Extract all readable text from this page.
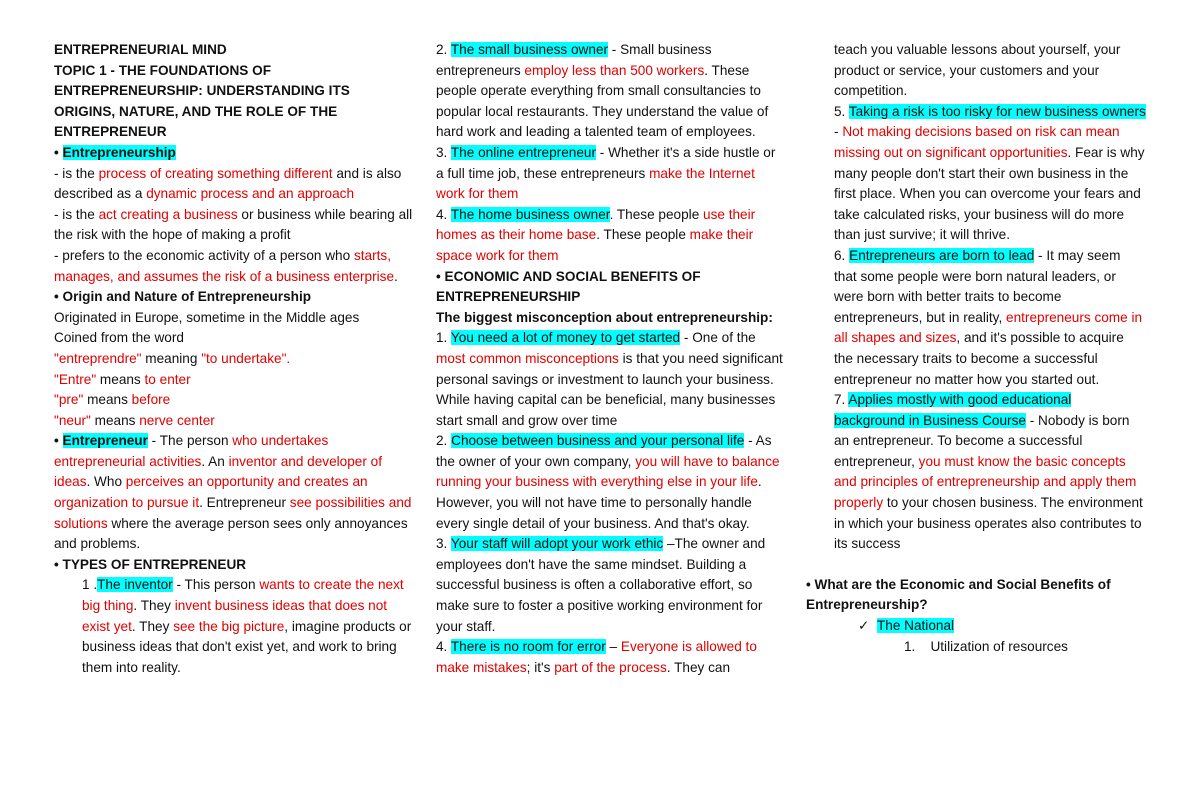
ENTREPRENEURIAL MIND

TOPIC 1 - THE FOUNDATIONS OF ENTREPRENEURSHIP: UNDERSTANDING ITS ORIGINS, NATURE, AND THE ROLE OF THE ENTREPRENEUR

• Entrepreneurship

- is the process of creating something different and is also described as a dynamic process and an approach

- is the act creating a business or business while bearing all the risk with the hope of making a profit

- prefers to the economic activity of a person who starts, manages, and assumes the risk of a business enterprise.

• Origin and Nature of Entrepreneurship

Originated in Europe, sometime in the Middle ages

Coined from the word

"entreprendre" meaning "to undertake".

"Entre" means to enter

"pre" means before

"neur" means nerve center

• Entrepreneur - The person who undertakes entrepreneurial activities. An inventor and developer of ideas. Who perceives an opportunity and creates an organization to pursue it. Entrepreneur see possibilities and solutions where the average person sees only annoyances and problems.

• TYPES OF ENTREPRENEUR

1 .The inventor - This person wants to create the next big thing. They invent business ideas that does not exist yet. They see the big picture, imagine products or business ideas that don't exist yet, and work to bring them into reality.

2. The small business owner - Small business entrepreneurs employ less than 500 workers. These people operate everything from small consultancies to popular local restaurants. They understand the value of hard work and leading a talented team of employees.

3. The online entrepreneur - Whether it's a side hustle or a full time job, these entrepreneurs make the Internet work for them

4. The home business owner. These people use their homes as their home base. These people make their space work for them

• ECONOMIC AND SOCIAL BENEFITS OF ENTREPRENEURSHIP

The biggest misconception about entrepreneurship:

1. You need a lot of money to get started - One of the most common misconceptions is that you need significant personal savings or investment to launch your business. While having capital can be beneficial, many businesses start small and grow over time

2. Choose between business and your personal life - As the owner of your own company, you will have to balance running your business with everything else in your life. However, you will not have time to personally handle every single detail of your business. And that's okay.

3. Your staff will adopt your work ethic –The owner and employees don't have the same mindset. Building a successful business is often a collaborative effort, so make sure to foster a positive working environment for your staff.

4. There is no room for error – Everyone is allowed to make mistakes; it's part of the process. They can

teach you valuable lessons about yourself, your product or service, your customers and your competition.

5. Taking a risk is too risky for new business owners - Not making decisions based on risk can mean missing out on significant opportunities. Fear is why many people don't start their own business in the first place. When you can overcome your fears and take calculated risks, your business will do more than just survive; it will thrive.

6. Entrepreneurs are born to lead - It may seem that some people were born natural leaders, or were born with better traits to become entrepreneurs, but in reality, entrepreneurs come in all shapes and sizes, and it's possible to acquire the necessary traits to become a successful entrepreneur no matter how you started out.

7. Applies mostly with good educational background in Business Course - Nobody is born an entrepreneur. To become a successful entrepreneur, you must know the basic concepts and principles of entrepreneurship and apply them properly to your chosen business. The environment in which your business operates also contributes to its success

• What are the Economic and Social Benefits of Entrepreneurship?

✓ The National

1. Utilization of resources
